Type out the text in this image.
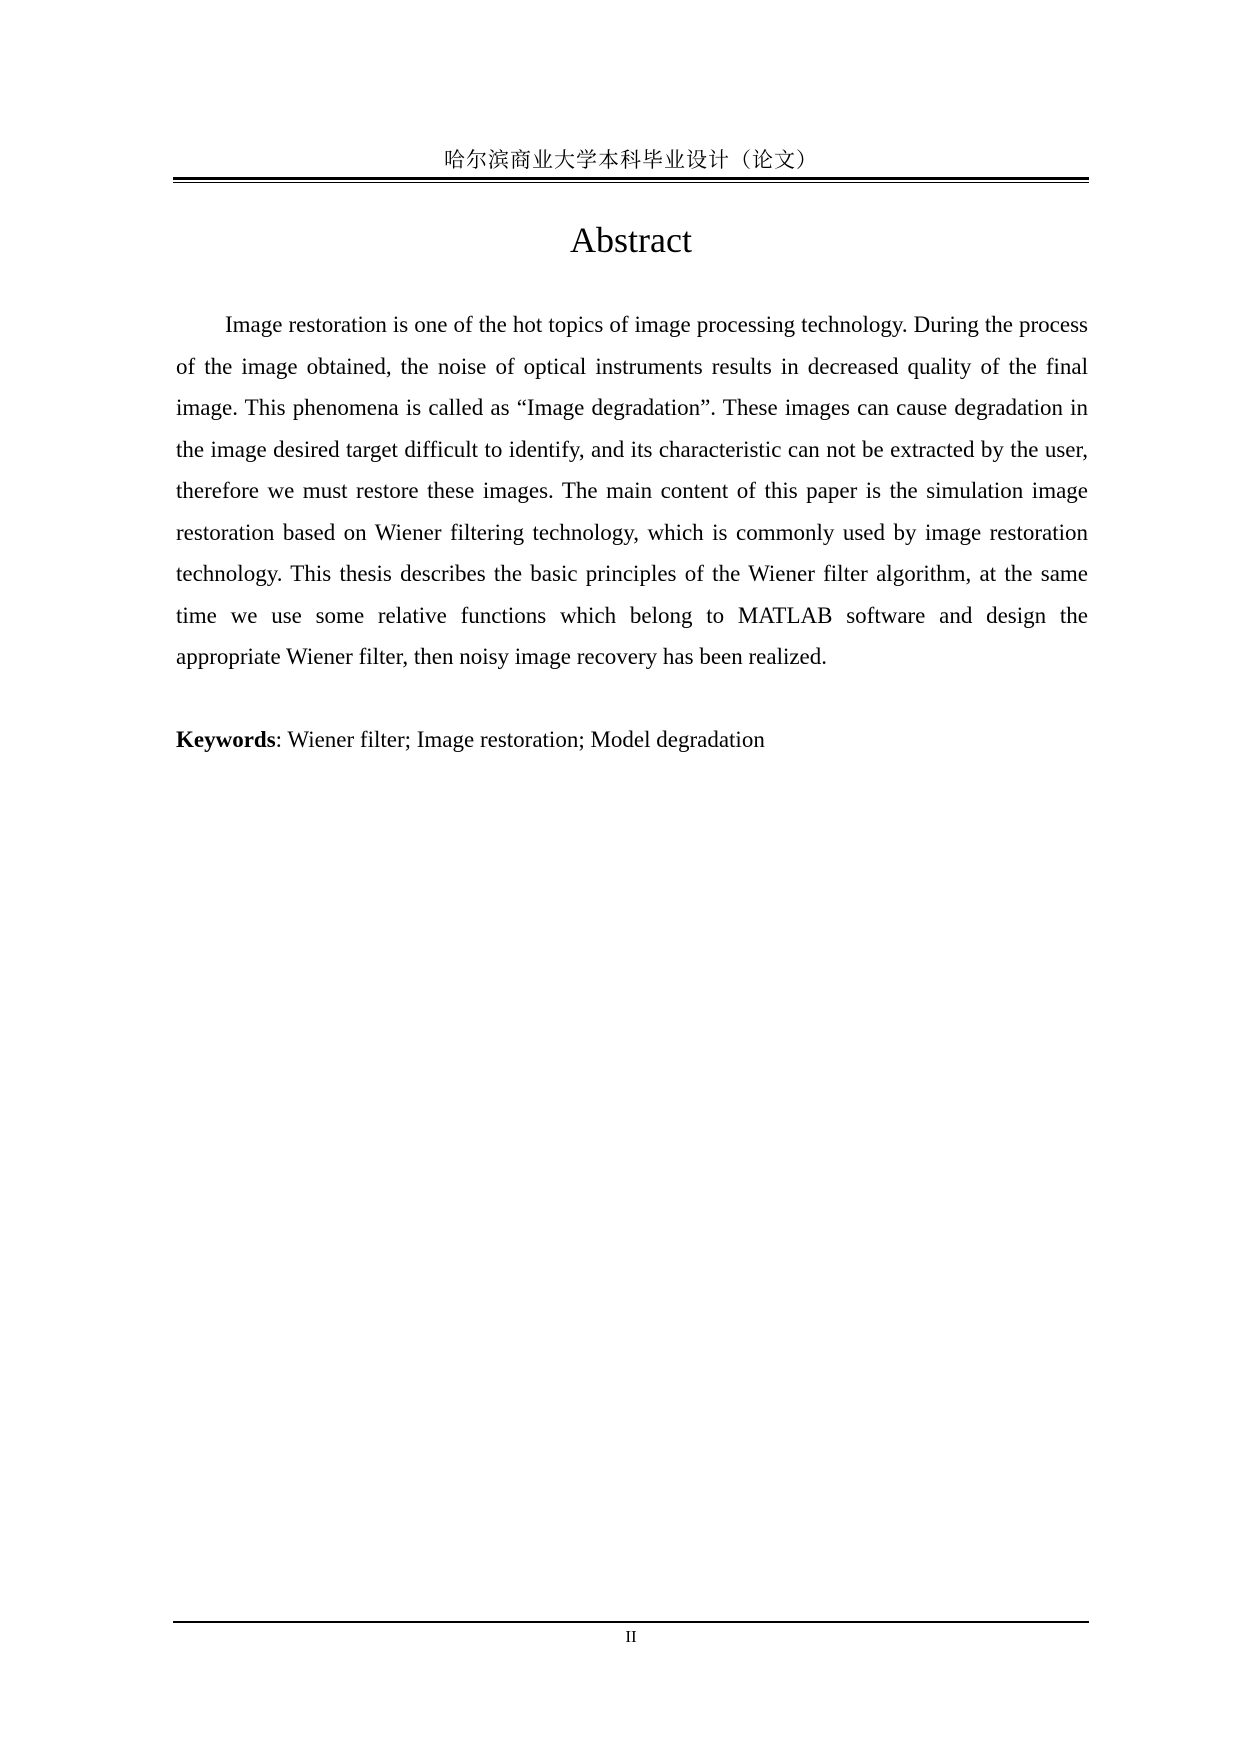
哈尔滨商业大学本科毕业设计（论文）
Abstract

Image restoration is one of the hot topics of image processing technology. During the process of the image obtained, the noise of optical instruments results in decreased quality of the final image. This phenomena is called as “Image degradation”. These images can cause degradation in the image desired target difficult to identify, and its characteristic can not be extracted by the user, therefore we must restore these images. The main content of this paper is the simulation image restoration based on Wiener filtering technology, which is commonly used by image restoration technology. This thesis describes the basic principles of the Wiener filter algorithm, at the same time we use some relative functions which belong to MATLAB software and design the appropriate Wiener filter, then noisy image recovery has been realized.

Keywords: Wiener filter; Image restoration; Model degradation

II
